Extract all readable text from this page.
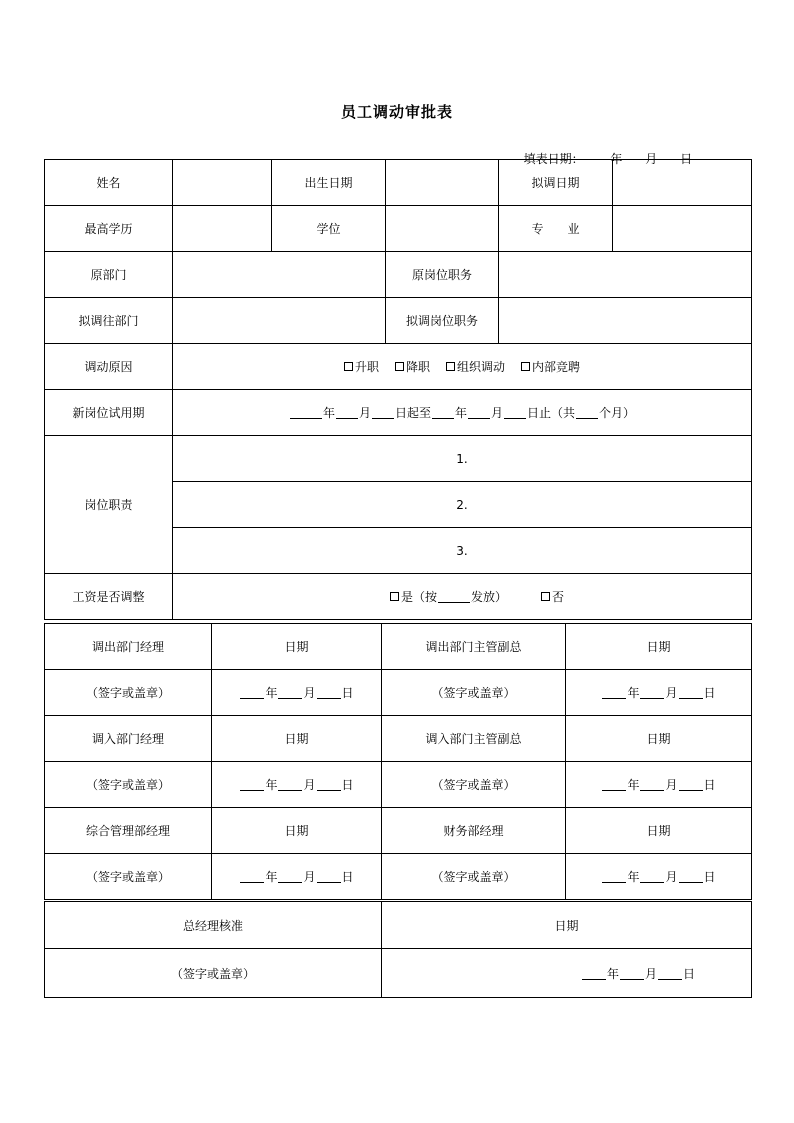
员工调动审批表

填表日期： 年 月 日

姓名		出生日期		拟调日期	
最高学历		学位		专　　业	
原部门			原岗位职务		
拟调往部门			拟调岗位职务		
调动原因	升职 降职 组织调动 内部竞聘				
新岗位试用期	年 月 日起至 年 月 日止（共 个月）				
岗位职责	1.				
	2.				
	3.				
工资是否调整	是（按 发放） 否				
调出部门经理	日期	调出部门主管副总	日期
（签字或盖章）	年 月 日	（签字或盖章）	年 月 日
调入部门经理	日期	调入部门主管副总	日期
（签字或盖章）	年 月 日	（签字或盖章）	年 月 日
综合管理部经理	日期	财务部经理	日期
（签字或盖章）	年 月 日	（签字或盖章）	年 月 日
总经理核准	日期
（签字或盖章）	年 月 日
